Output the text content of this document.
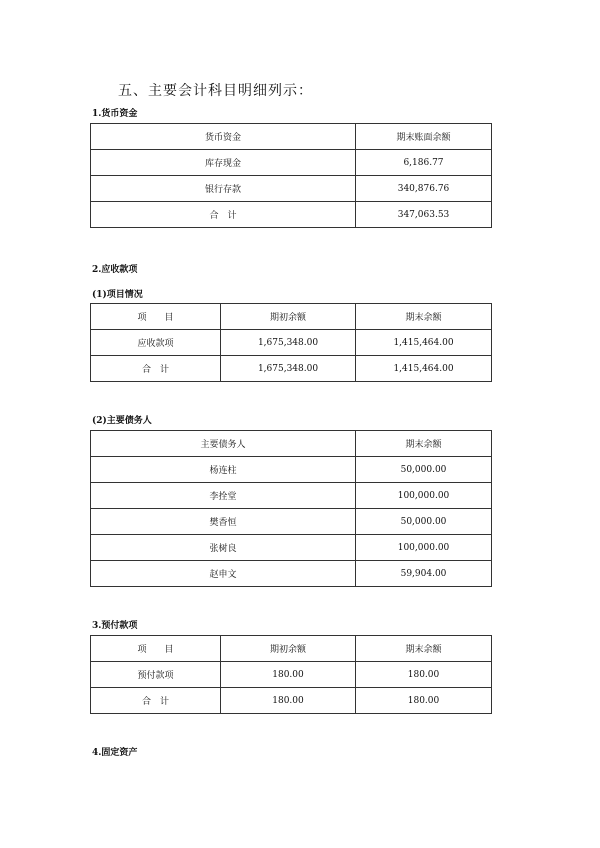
五、主要会计科目明细列示：
1.货币资金
货币资金	期末账面余额
库存现金	6,186.77
银行存款	340,876.76
合　计	347,063.53
2.应收款项
(1)项目情况
项　　目	期初余额	期末余额
应收款项	1,675,348.00	1,415,464.00
合　计	1,675,348.00	1,415,464.00
(2)主要债务人
主要债务人	期末余额
杨连柱	50,000.00
李拴堂	100,000.00
樊香恒	50,000.00
张树良	100,000.00
赵申文	59,904.00
3.预付款项
项　　目	期初余额	期末余额
预付款项	180.00	180.00
合　计	180.00	180.00
4.固定资产
